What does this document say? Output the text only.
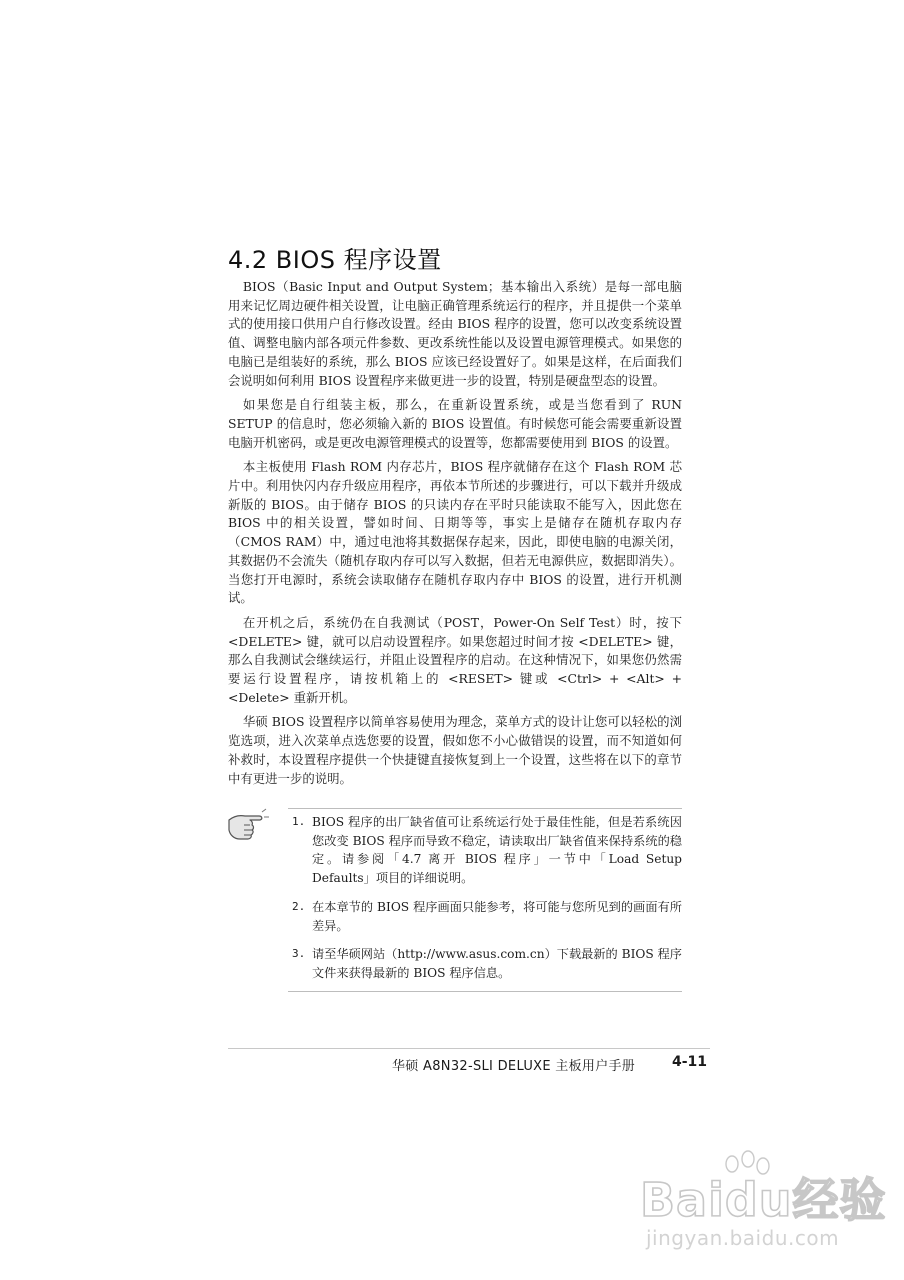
4.2 BIOS 程序设置

BIOS（Basic Input and Output System；基本输出入系统）是每一部电脑用来记忆周边硬件相关设置，让电脑正确管理系统运行的程序，并且提供一个菜单式的使用接口供用户自行修改设置。经由 BIOS 程序的设置，您可以改变系统设置值、调整电脑内部各项元件参数、更改系统性能以及设置电源管理模式。如果您的电脑已是组装好的系统，那么 BIOS 应该已经设置好了。如果是这样，在后面我们会说明如何利用 BIOS 设置程序来做更进一步的设置，特别是硬盘型态的设置。

如果您是自行组装主板，那么，在重新设置系统，或是当您看到了 RUN SETUP 的信息时，您必须输入新的 BIOS 设置值。有时候您可能会需要重新设置电脑开机密码，或是更改电源管理模式的设置等，您都需要使用到 BIOS 的设置。

本主板使用 Flash ROM 内存芯片，BIOS 程序就储存在这个 Flash ROM 芯片中。利用快闪内存升级应用程序，再依本节所述的步骤进行，可以下载并升级成新版的 BIOS。由于储存 BIOS 的只读内存在平时只能读取不能写入，因此您在 BIOS 中的相关设置，譬如时间、日期等等，事实上是储存在随机存取内存（CMOS RAM）中，通过电池将其数据保存起来，因此，即使电脑的电源关闭，其数据仍不会流失（随机存取内存可以写入数据，但若无电源供应，数据即消失）。当您打开电源时，系统会读取储存在随机存取内存中 BIOS 的设置，进行开机测试。

在开机之后，系统仍在自我测试（POST，Power-On Self Test）时，按下 <DELETE> 键，就可以启动设置程序。如果您超过时间才按 <DELETE> 键，那么自我测试会继续运行，并阻止设置程序的启动。在这种情况下，如果您仍然需要运行设置程序，请按机箱上的 <RESET> 键或 <Ctrl> + <Alt> + <Delete> 重新开机。

华硕 BIOS 设置程序以简单容易使用为理念，菜单方式的设计让您可以轻松的浏览选项，进入次菜单点选您要的设置，假如您不小心做错误的设置，而不知道如何补救时，本设置程序提供一个快捷键直接恢复到上一个设置，这些将在以下的章节中有更进一步的说明。

1. BIOS 程序的出厂缺省值可让系统运行处于最佳性能，但是若系统因您改变 BIOS 程序而导致不稳定，请读取出厂缺省值来保持系统的稳定。请参阅「4.7 离开 BIOS 程序」一节中「Load Setup Defaults」项目的详细说明。
2. 在本章节的 BIOS 程序画面只能参考，将可能与您所见到的画面有所差异。
3. 请至华硕网站（http://www.asus.com.cn）下载最新的 BIOS 程序文件来获得最新的 BIOS 程序信息。
华硕 A8N32-SLI DELUXE 主板用户手册	4-11
Baidu经验
jingyan.baidu.com
